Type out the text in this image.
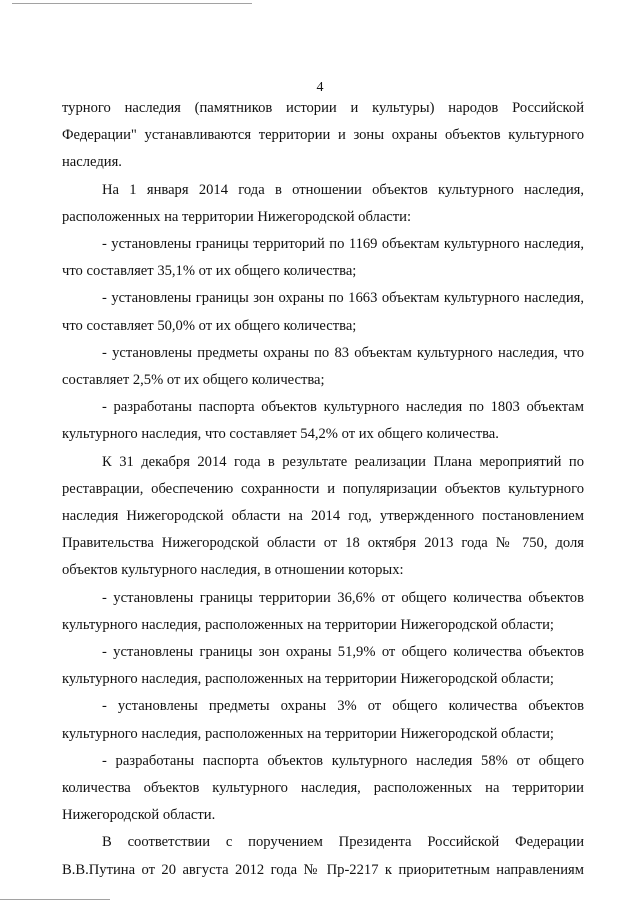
4

турного наследия (памятников истории и культуры) народов Российской Федерации" устанавливаются территории и зоны охраны объектов культурного наследия.

На 1 января 2014 года в отношении объектов культурного наследия, расположенных на территории Нижегородской области:

- установлены границы территорий по 1169 объектам культурного наследия, что составляет 35,1% от их общего количества;

- установлены границы зон охраны по 1663 объектам культурного наследия, что составляет 50,0% от их общего количества;

- установлены предметы охраны по 83 объектам культурного наследия, что составляет 2,5% от их общего количества;

- разработаны паспорта объектов культурного наследия по 1803 объектам культурного наследия, что составляет 54,2% от их общего количества.

К 31 декабря 2014 года в результате реализации Плана мероприятий по реставрации, обеспечению сохранности и популяризации объектов культурного наследия Нижегородской области на 2014 год, утвержденного постановлением Правительства Нижегородской области от 18 октября 2013 года № 750, доля объектов культурного наследия, в отношении которых:

- установлены границы территории 36,6% от общего количества объектов культурного наследия, расположенных на территории Нижегородской области;

- установлены границы зон охраны 51,9% от общего количества объектов культурного наследия, расположенных на территории Нижегородской области;

- установлены предметы охраны 3% от общего количества объектов культурного наследия, расположенных на территории Нижегородской области;

- разработаны паспорта объектов культурного наследия 58% от общего количества объектов культурного наследия, расположенных на территории Нижегородской области.

В соответствии с поручением Президента Российской Федерации В.В.Путина от 20 августа 2012 года № Пр-2217 к приоритетным направлениям
